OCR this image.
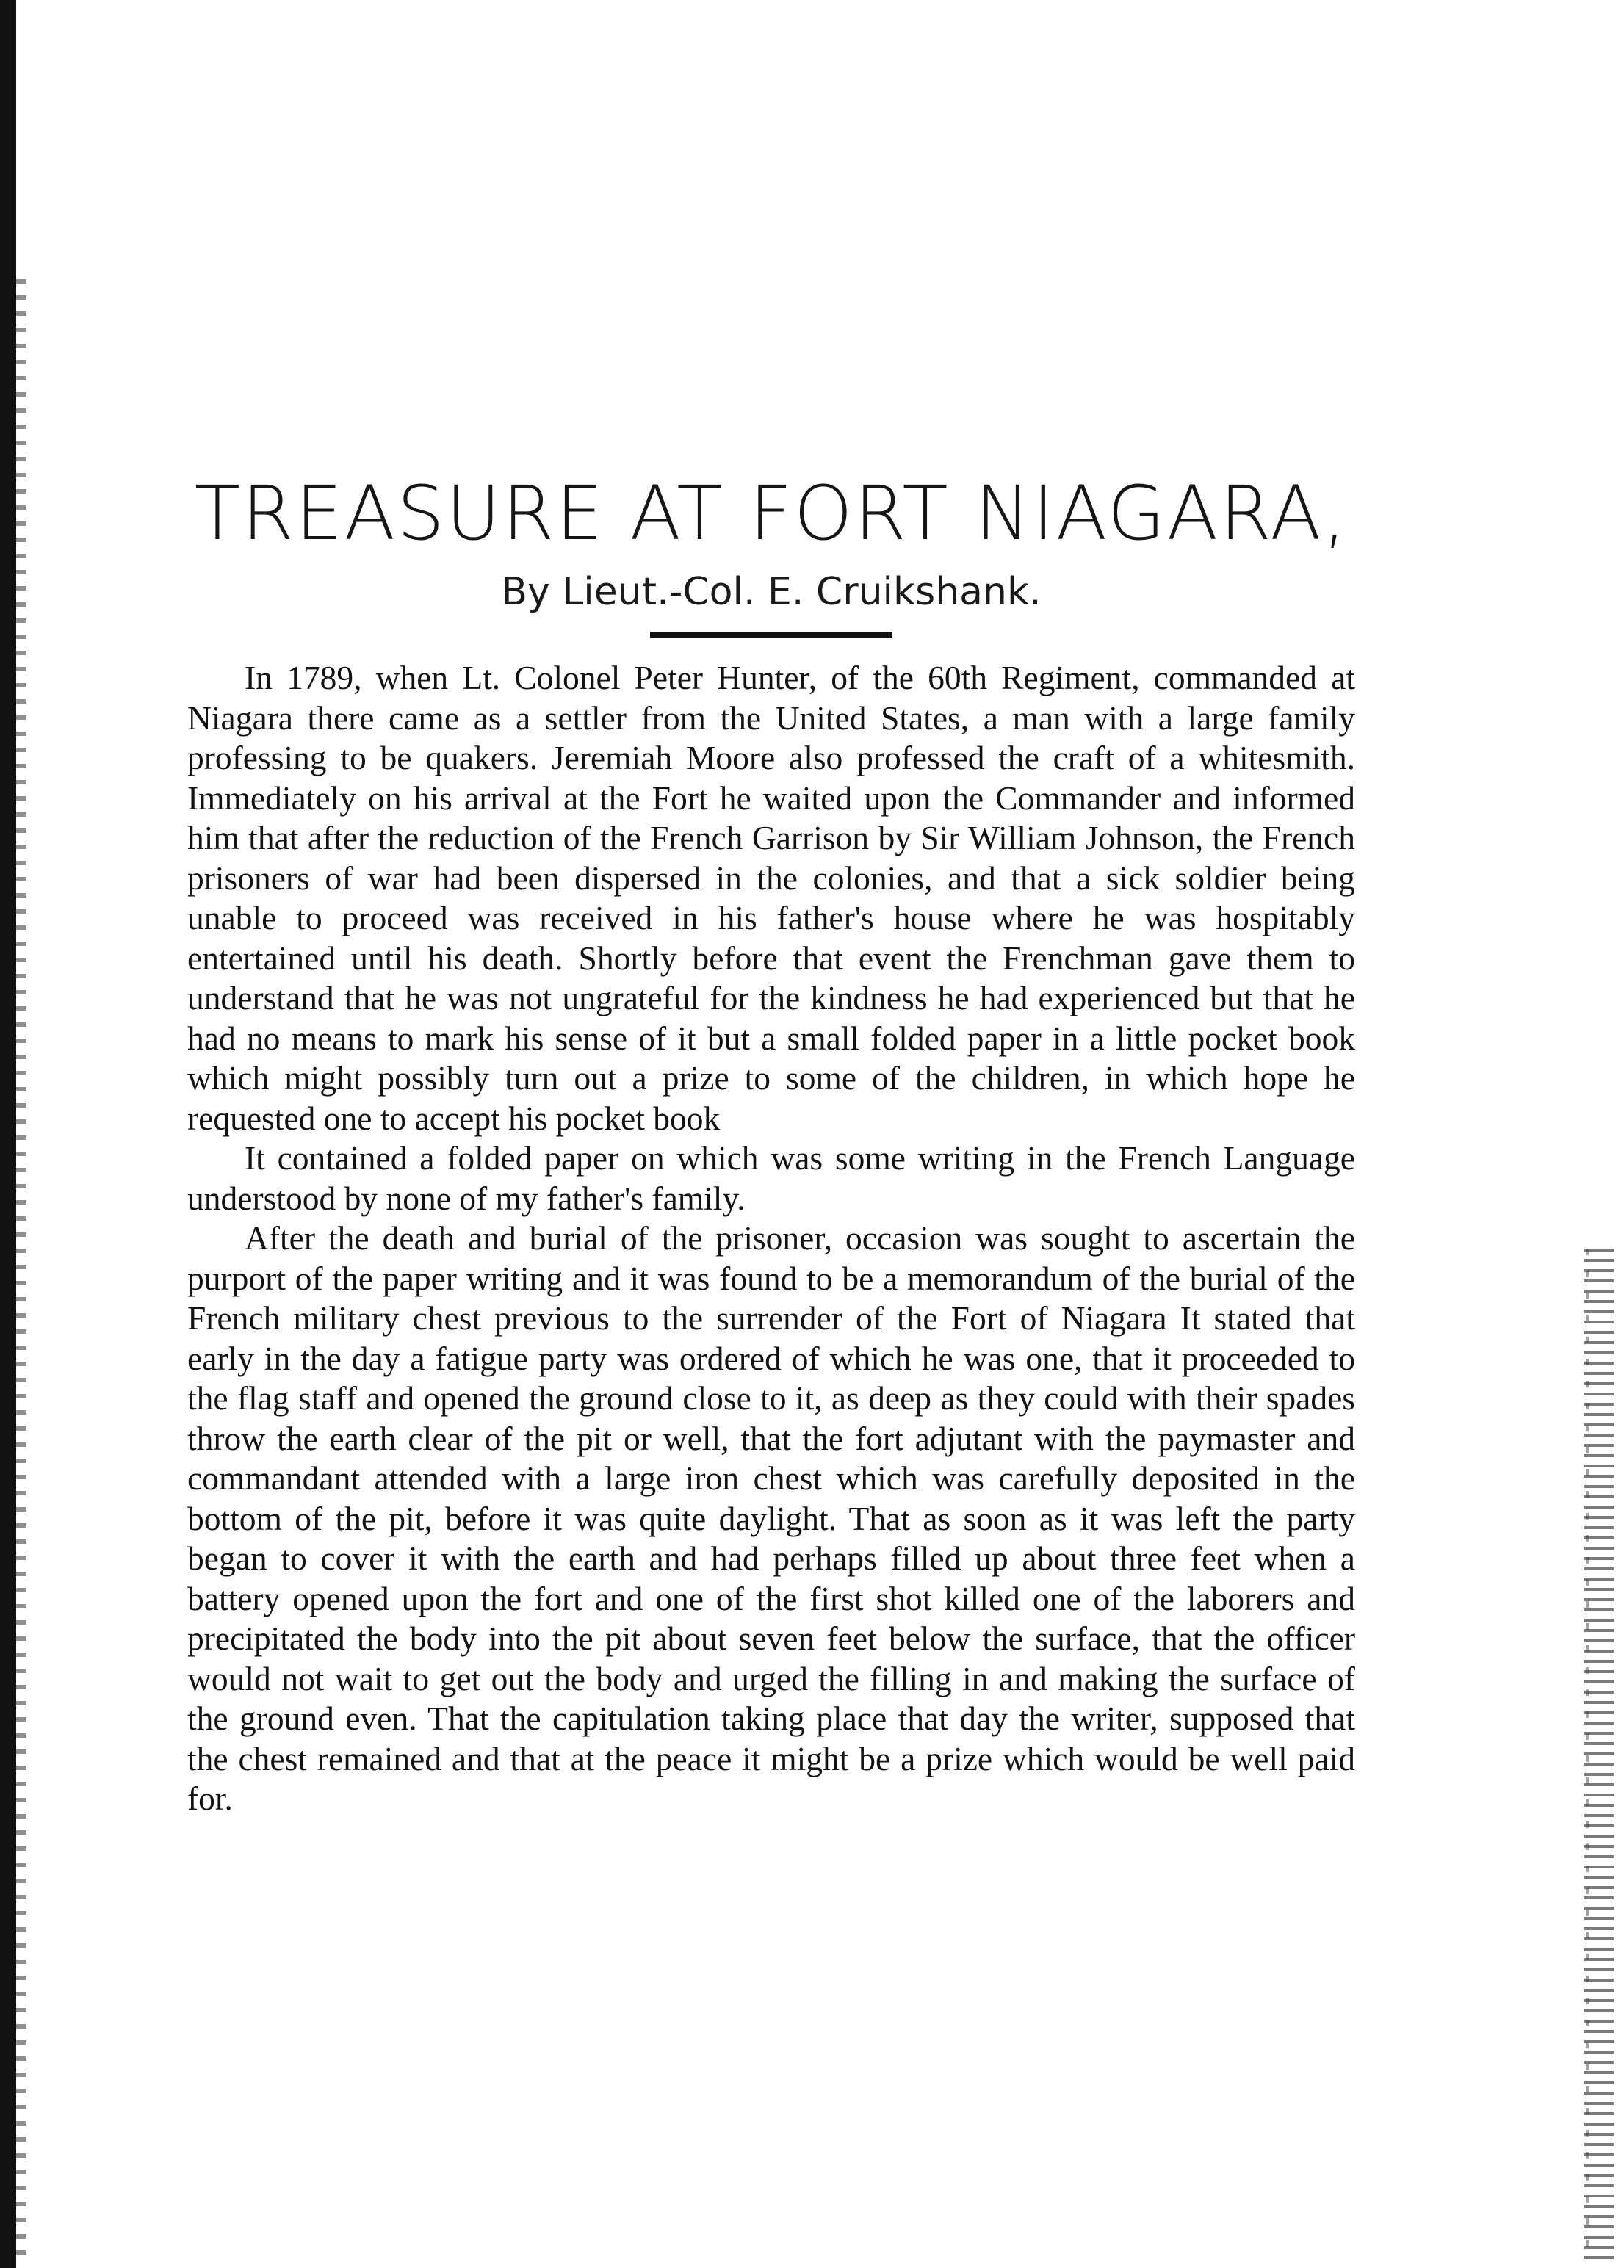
TREASURE AT FORT NIAGARA,
By Lieut.-Col. E. Cruikshank.

In 1789, when Lt. Colonel Peter Hunter, of the 60th Regiment, commanded at Niagara there came as a settler from the United States, a man with a large family professing to be quakers. Jeremiah Moore also professed the craft of a whitesmith. Immediately on his arrival at the Fort he waited upon the Commander and informed him that after the reduction of the French Garrison by Sir William Johnson, the French prisoners of war had been dispersed in the colonies, and that a sick soldier being unable to proceed was received in his father's house where he was hospitably entertained until his death. Shortly before that event the Frenchman gave them to understand that he was not ungrateful for the kindness he had experienced but that he had no means to mark his sense of it but a small folded paper in a little pocket book which might possibly turn out a prize to some of the children, in which hope he requested one to accept his pocket book

It contained a folded paper on which was some writing in the French Language understood by none of my father's family.

After the death and burial of the prisoner, occasion was sought to ascertain the purport of the paper writing and it was found to be a memorandum of the burial of the French military chest previous to the surrender of the Fort of Niagara It stated that early in the day a fatigue party was ordered of which he was one, that it proceeded to the flag staff and opened the ground close to it, as deep as they could with their spades throw the earth clear of the pit or well, that the fort adjutant with the paymaster and commandant attended with a large iron chest which was carefully deposited in the bottom of the pit, before it was quite daylight. That as soon as it was left the party began to cover it with the earth and had perhaps filled up about three feet when a battery opened upon the fort and one of the first shot killed one of the laborers and precipitated the body into the pit about seven feet below the surface, that the officer would not wait to get out the body and urged the filling in and making the surface of the ground even. That the capitulation taking place that day the writer, supposed that the chest remained and that at the peace it might be a prize which would be well paid for.
